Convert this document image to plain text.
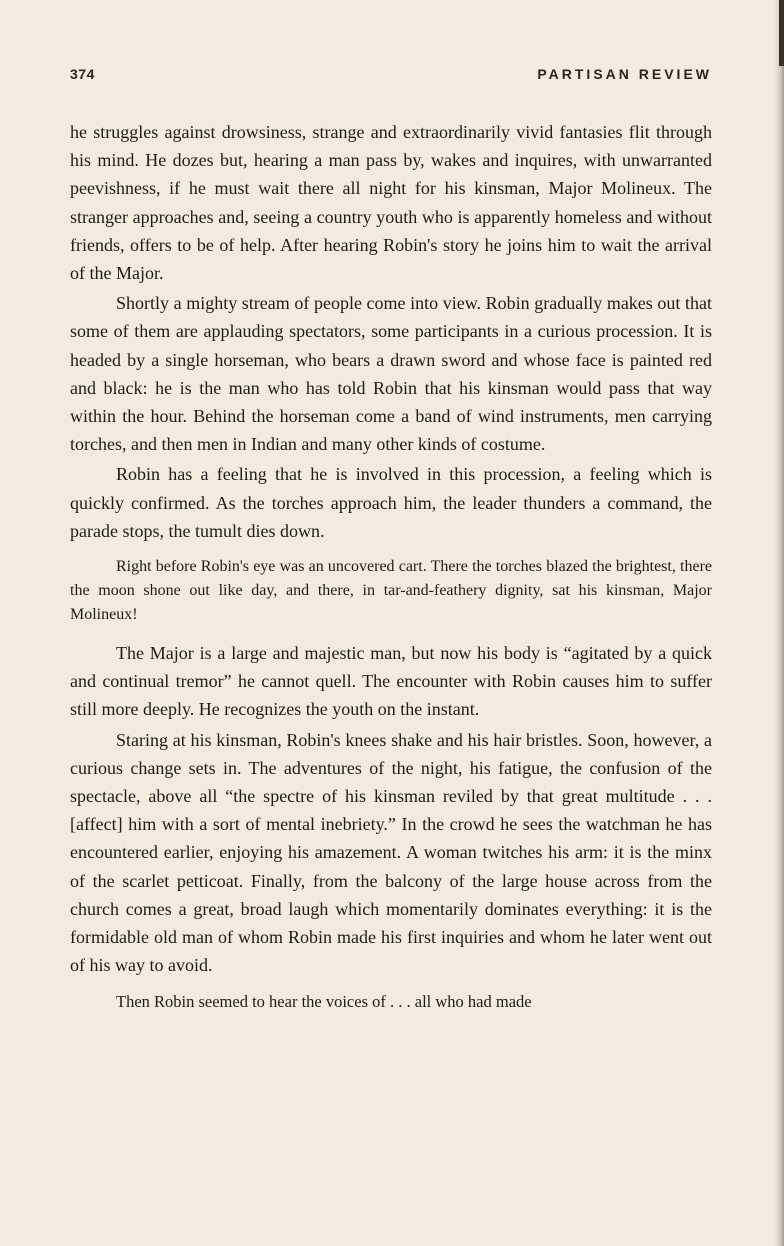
374	PARTISAN REVIEW

he struggles against drowsiness, strange and extraordinarily vivid fantasies flit through his mind. He dozes but, hearing a man pass by, wakes and inquires, with unwarranted peevishness, if he must wait there all night for his kinsman, Major Molineux. The stranger approaches and, seeing a country youth who is apparently homeless and without friends, offers to be of help. After hearing Robin's story he joins him to wait the arrival of the Major.

Shortly a mighty stream of people come into view. Robin gradually makes out that some of them are applauding spectators, some participants in a curious procession. It is headed by a single horseman, who bears a drawn sword and whose face is painted red and black: he is the man who has told Robin that his kinsman would pass that way within the hour. Behind the horseman come a band of wind instruments, men carrying torches, and then men in Indian and many other kinds of costume.

Robin has a feeling that he is involved in this procession, a feeling which is quickly confirmed. As the torches approach him, the leader thunders a command, the parade stops, the tumult dies down.

Right before Robin's eye was an uncovered cart. There the torches blazed the brightest, there the moon shone out like day, and there, in tar-and-feathery dignity, sat his kinsman, Major Molineux!

The Major is a large and majestic man, but now his body is “agitated by a quick and continual tremor” he cannot quell. The encounter with Robin causes him to suffer still more deeply. He recognizes the youth on the instant.

Staring at his kinsman, Robin's knees shake and his hair bristles. Soon, however, a curious change sets in. The adventures of the night, his fatigue, the confusion of the spectacle, above all “the spectre of his kinsman reviled by that great multitude . . . [affect] him with a sort of mental inebriety.” In the crowd he sees the watchman he has encountered earlier, enjoying his amazement. A woman twitches his arm: it is the minx of the scarlet petticoat. Finally, from the balcony of the large house across from the church comes a great, broad laugh which momentarily dominates everything: it is the formidable old man of whom Robin made his first inquiries and whom he later went out of his way to avoid.

Then Robin seemed to hear the voices of . . . all who had made
